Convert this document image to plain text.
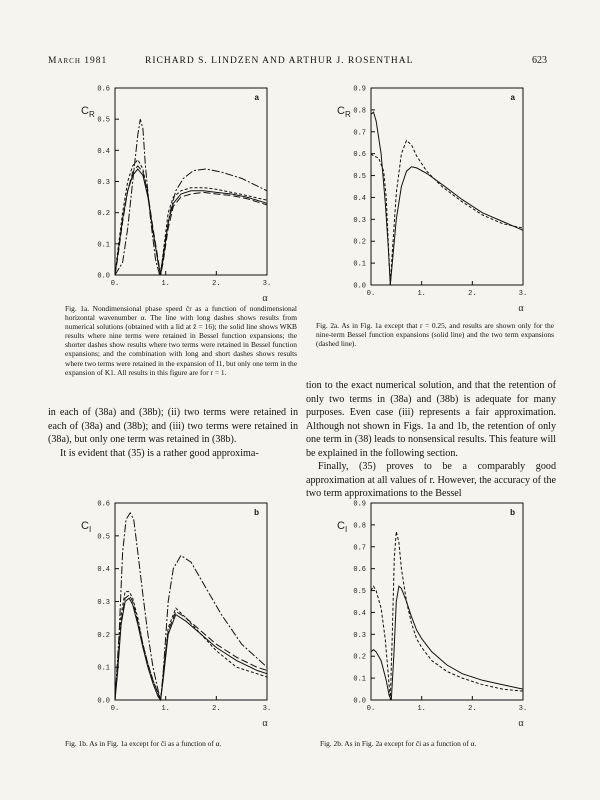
March 1981	RICHARD S. LINDZEN AND ARTHUR J. ROSENTHAL	623
0.0
0.1
0.2
0.3
0.4
0.5
0.6
0.	1.	2.	3.
$C_R$
a
α
0.0
0.1
0.2
0.3
0.4
0.5
0.6
0.7
0.8
0.9
0.	1.	2.	3.
$C_R$
a
α
0.0
0.1
0.2
0.3
0.4
0.5
0.6
0.	1.	2.	3.
$C_I$
b
α
0.0
0.1
0.2
0.3
0.4
0.5
0.6
0.7
0.8
0.9
0.	1.	2.	3.
$C_I$
b
α
Fig. 1a. Nondimensional phase speed ĉr as a function of nondimensional horizontal wavenumber α. The line with long dashes shows results from numerical solutions (obtained with a lid at ž = 16); the solid line shows WKB results where nine terms were retained in Bessel function expansions; the shorter dashes show results where two terms were retained in Bessel function expansions; and the combination with long and short dashes shows results where two terms were retained in the expansion of I1, but only one term in the expansion of K1. All results in this figure are for r = 1.
Fig. 2a. As in Fig. 1a except that r = 0.25, and results are shown only for the nine-term Bessel function expansions (solid line) and the two term expansions (dashed line).
Fig. 1b. As in Fig. 1a except for ĉi as a function of α.	Fig. 2b. As in Fig. 2a except for ĉi as a function of α.
in each of (38a) and (38b); (ii) two terms were retained in each of (38a) and (38b); and (iii) two terms were retained in (38a), but only one term was retained in (38b).
It is evident that (35) is a rather good approxima-
tion to the exact numerical solution, and that the retention of only two terms in (38a) and (38b) is adequate for many purposes. Even case (iii) represents a fair approximation. Although not shown in Figs. 1a and 1b, the retention of only one term in (38) leads to nonsensical results. This feature will be explained in the following section.
Finally, (35) proves to be a comparably good approximation at all values of r. However, the accuracy of the two term approximations to the Bessel
